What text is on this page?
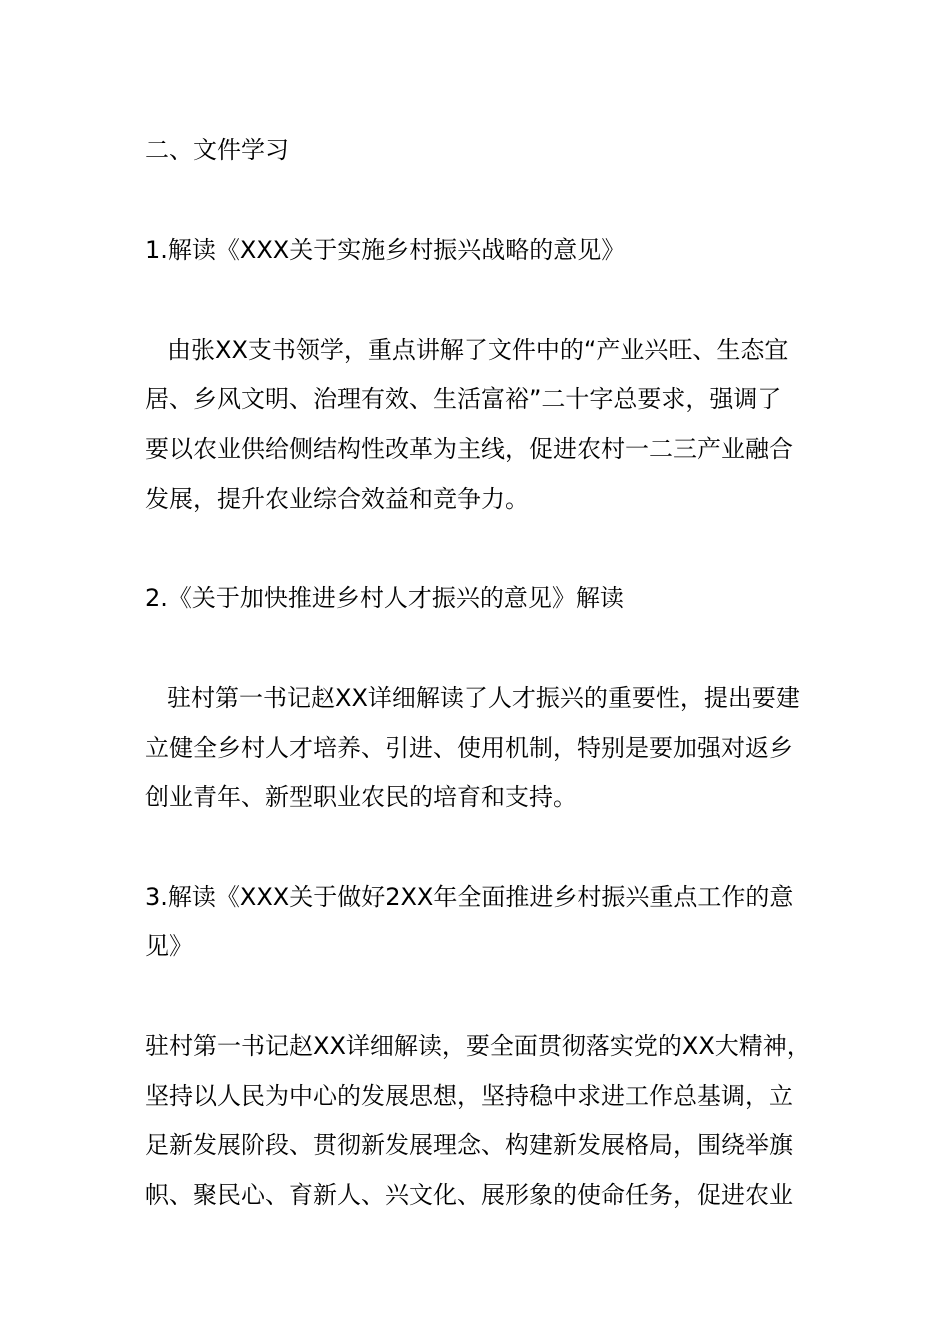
二、文件学习
1.解读《XXX关于实施乡村振兴战略的意见》
由张XX支书领学，重点讲解了文件中的“产业兴旺、生态宜
居、乡风文明、治理有效、生活富裕”二十字总要求，强调了
要以农业供给侧结构性改革为主线，促进农村一二三产业融合
发展，提升农业综合效益和竞争力。
2.《关于加快推进乡村人才振兴的意见》解读
驻村第一书记赵XX详细解读了人才振兴的重要性，提出要建
立健全乡村人才培养、引进、使用机制，特别是要加强对返乡
创业青年、新型职业农民的培育和支持。
3.解读《XXX关于做好2XX年全面推进乡村振兴重点工作的意
见》
驻村第一书记赵XX详细解读，要全面贯彻落实党的XX大精神，
坚持以人民为中心的发展思想，坚持稳中求进工作总基调，立
足新发展阶段、贯彻新发展理念、构建新发展格局，围绕举旗
帜、聚民心、育新人、兴文化、展形象的使命任务，促进农业
